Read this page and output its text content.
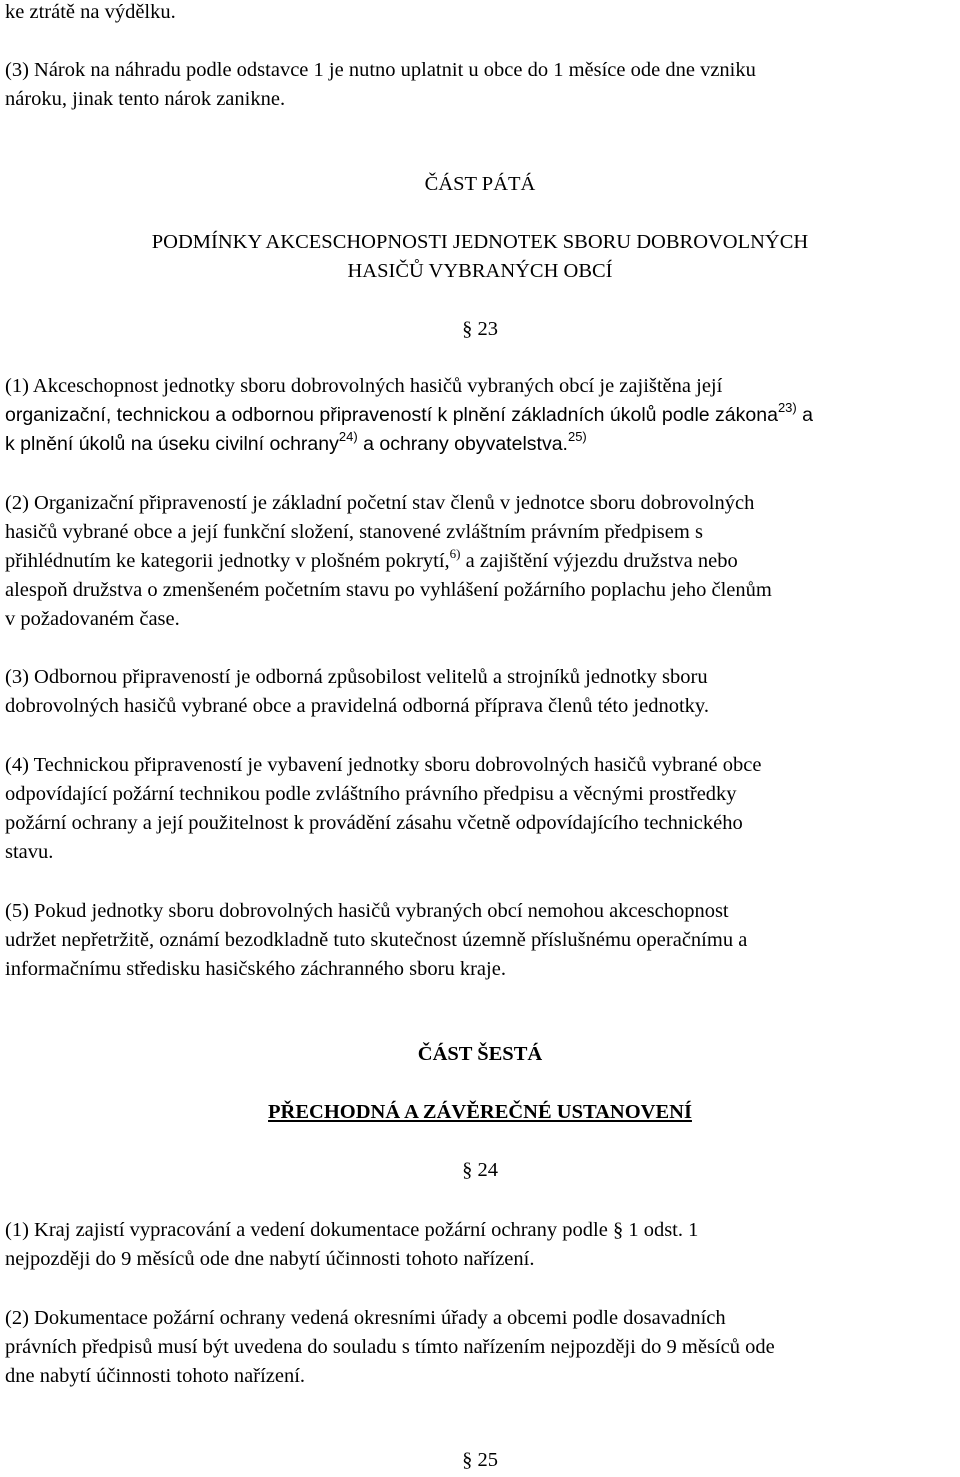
ke ztrátě na výdělku.
(3) Nárok na náhradu podle odstavce 1 je nutno uplatnit u obce do 1 měsíce ode dne vzniku
nároku, jinak tento nárok zanikne.
ČÁST PÁTÁ
PODMÍNKY AKCESCHOPNOSTI JEDNOTEK SBORU DOBROVOLNÝCH
HASIČŮ VYBRANÝCH OBCÍ
§ 23
(1) Akceschopnost jednotky sboru dobrovolných hasičů vybraných obcí je zajištěna její
organizační, technickou a odbornou připraveností k plnění základních úkolů podle zákona$^{23)}$ a
k plnění úkolů na úseku civilní ochrany$^{24)}$ a ochrany obyvatelstva.$^{25)}$
(2) Organizační připraveností je základní početní stav členů v jednotce sboru dobrovolných
hasičů vybrané obce a její funkční složení, stanovené zvláštním právním předpisem s
přihlédnutím ke kategorii jednotky v plošném pokrytí,$^{6)}$ a zajištění výjezdu družstva nebo
alespoň družstva o zmenšeném početním stavu po vyhlášení požárního poplachu jeho členům
v požadovaném čase.
(3) Odbornou připraveností je odborná způsobilost velitelů a strojníků jednotky sboru
dobrovolných hasičů vybrané obce a pravidelná odborná příprava členů této jednotky.
(4) Technickou připraveností je vybavení jednotky sboru dobrovolných hasičů vybrané obce
odpovídající požární technikou podle zvláštního právního předpisu a věcnými prostředky
požární ochrany a její použitelnost k provádění zásahu včetně odpovídajícího technického
stavu.
(5) Pokud jednotky sboru dobrovolných hasičů vybraných obcí nemohou akceschopnost
udržet nepřetržitě, oznámí bezodkladně tuto skutečnost územně příslušnému operačnímu a
informačnímu středisku hasičského záchranného sboru kraje.
ČÁST ŠESTÁ
PŘECHODNÁ A ZÁVĚREČNÉ USTANOVENÍ
§ 24
(1) Kraj zajistí vypracování a vedení dokumentace požární ochrany podle § 1 odst. 1
nejpozději do 9 měsíců ode dne nabytí účinnosti tohoto nařízení.
(2) Dokumentace požární ochrany vedená okresními úřady a obcemi podle dosavadních
právních předpisů musí být uvedena do souladu s tímto nařízením nejpozději do 9 měsíců ode
dne nabytí účinnosti tohoto nařízení.
§ 25
